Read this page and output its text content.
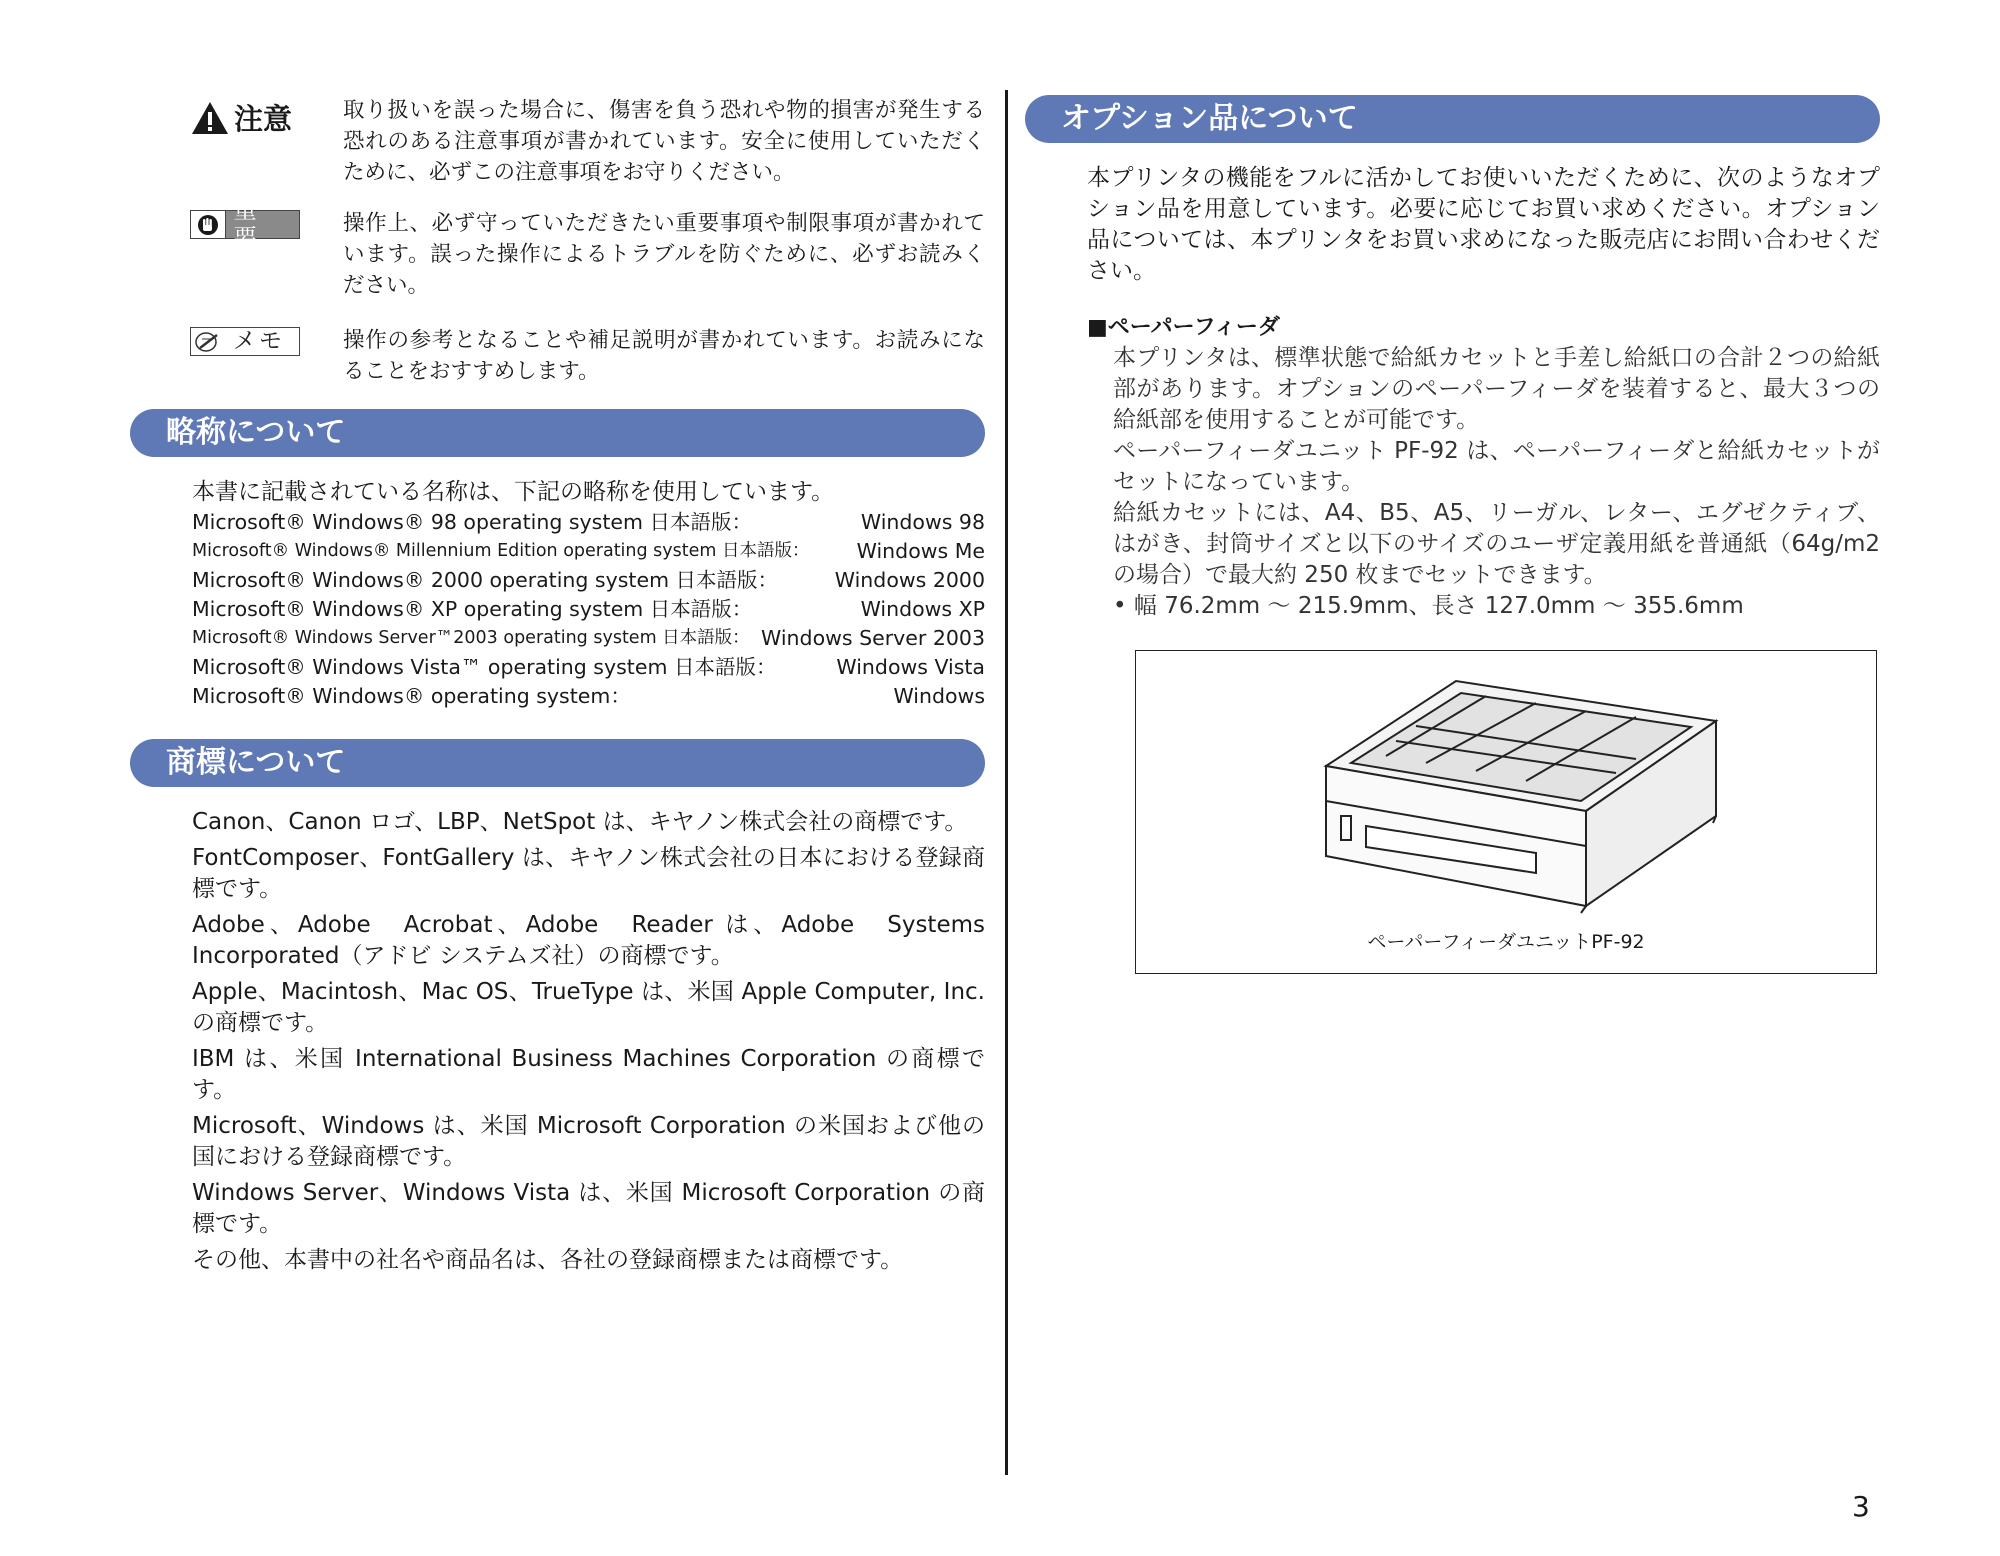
注意 取り扱いを誤った場合に、傷害を負う恐れや物的損害が発生する恐れのある注意事項が書かれています。安全に使用していただくために、必ずこの注意事項をお守りください。
重要
操作上、必ず守っていただきたい重要事項や制限事項が書かれています。誤った操作によるトラブルを防ぐために、必ずお読みください。
メモ	操作の参考となることや補足説明が書かれています。お読みになることをおすすめします。
略称について
本書に記載されている名称は、下記の略称を使用しています。
Microsoft® Windows® 98 operating system 日本語版：	Windows 98
Microsoft® Windows® Millennium Edition operating system 日本語版： Windows Me
Microsoft® Windows® 2000 operating system 日本語版：	Windows 2000
Microsoft® Windows® XP operating system 日本語版：	Windows XP
Microsoft® Windows Server™2003 operating system 日本語版： Windows Server 2003
Microsoft® Windows Vista™ operating system 日本語版：	Windows Vista
Microsoft® Windows® operating system：	Windows
商標について
Canon、Canon ロゴ、LBP、NetSpot は、キヤノン株式会社の商標です。
FontComposer、FontGallery は、キヤノン株式会社の日本における登録商標です。
Adobe、Adobe　Acrobat、Adobe　Reader は、Adobe　Systems Incorporated（アドビ システムズ社）の商標です。
Apple、Macintosh、Mac OS、TrueType は、米国 Apple Computer, Inc. の商標です。
IBM は、米国 International Business Machines Corporation の商標です。
Microsoft、Windows は、米国 Microsoft Corporation の米国および他の国における登録商標です。
Windows Server、Windows Vista は、米国 Microsoft Corporation の商標です。
その他、本書中の社名や商品名は、各社の登録商標または商標です。
オプション品について
本プリンタの機能をフルに活かしてお使いいただくために、次のようなオプション品を用意しています。必要に応じてお買い求めください。オプション品については、本プリンタをお買い求めになった販売店にお問い合わせください。
■ペーパーフィーダ
本プリンタは、標準状態で給紙カセットと手差し給紙口の合計２つの給紙部があります。オプションのペーパーフィーダを装着すると、最大３つの給紙部を使用することが可能です。
ペーパーフィーダユニット PF-92 は、ペーパーフィーダと給紙カセットがセットになっています。
給紙カセットには、A4、B5、A5、リーガル、レター、エグゼクティブ、はがき、封筒サイズと以下のサイズのユーザ定義用紙を普通紙（64g/m2 の場合）で最大約 250 枚までセットできます。
• 幅 76.2mm ～ 215.9mm、長さ 127.0mm ～ 355.6mm
ペーパーフィーダユニットPF-92
3
